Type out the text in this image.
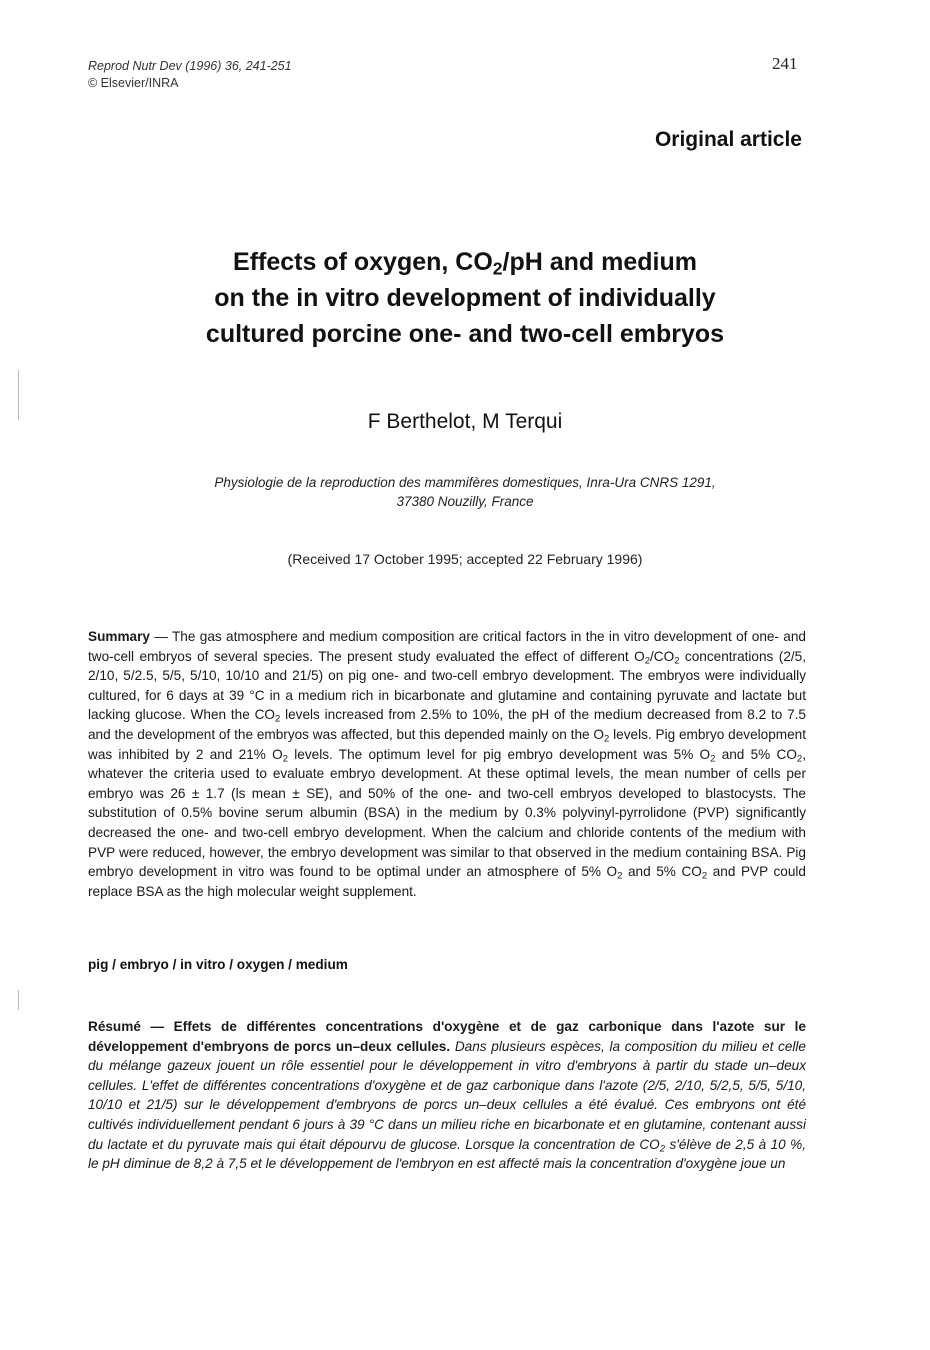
Reprod Nutr Dev (1996) 36, 241-251
© Elsevier/INRA
241
Original article
Effects of oxygen, $CO_2/pH$ and medium
on the in vitro development of individually
cultured porcine one- and two-cell embryos
F Berthelot, M Terqui
Physiologie de la reproduction des mammifères domestiques, Inra-Ura CNRS 1291,
37380 Nouzilly, France
(Received 17 October 1995; accepted 22 February 1996)
Summary — The gas atmosphere and medium composition are critical factors in the in vitro development of one- and two-cell embryos of several species. The present study evaluated the effect of different $O_2/CO_2$ concentrations (2/5, 2/10, 5/2.5, 5/5, 5/10, 10/10 and 21/5) on pig one- and two-cell embryo development. The embryos were individually cultured, for 6 days at 39 °C in a medium rich in bicarbonate and glutamine and containing pyruvate and lactate but lacking glucose. When the $CO_2$ levels increased from 2.5% to 10%, the pH of the medium decreased from 8.2 to 7.5 and the development of the embryos was affected, but this depended mainly on the $O_2$ levels. Pig embryo development was inhibited by 2 and 21% $O_2$ levels. The optimum level for pig embryo development was 5% $O_2$ and 5% $CO_2$, whatever the criteria used to evaluate embryo development. At these optimal levels, the mean number of cells per embryo was 26 ± 1.7 (ls mean ± SE), and 50% of the one- and two-cell embryos developed to blastocysts. The substitution of 0.5% bovine serum albumin (BSA) in the medium by 0.3% polyvinyl-pyrrolidone (PVP) significantly decreased the one- and two-cell embryo development. When the calcium and chloride contents of the medium with PVP were reduced, however, the embryo development was similar to that observed in the medium containing BSA. Pig embryo development in vitro was found to be optimal under an atmosphere of 5% $O_2$ and 5% $CO_2$ and PVP could replace BSA as the high molecular weight supplement.
pig / embryo / in vitro / oxygen / medium
Résumé — Effets de différentes concentrations d'oxygène et de gaz carbonique dans l'azote sur le développement d'embryons de porcs un–deux cellules. Dans plusieurs espèces, la composition du milieu et celle du mélange gazeux jouent un rôle essentiel pour le développement in vitro d'embryons à partir du stade un–deux cellules. L'effet de différentes concentrations d'oxygène et de gaz carbonique dans l'azote (2/5, 2/10, 5/2,5, 5/5, 5/10, 10/10 et 21/5) sur le développement d'embryons de porcs un–deux cellules a été évalué. Ces embryons ont été cultivés individuellement pendant 6 jours à 39 °C dans un milieu riche en bicarbonate et en glutamine, contenant aussi du lactate et du pyruvate mais qui était dépourvu de glucose. Lorsque la concentration de $CO_2$ s'élève de 2,5 à 10 %, le pH diminue de 8,2 à 7,5 et le développement de l'embryon en est affecté mais la concentration d'oxygène joue un
